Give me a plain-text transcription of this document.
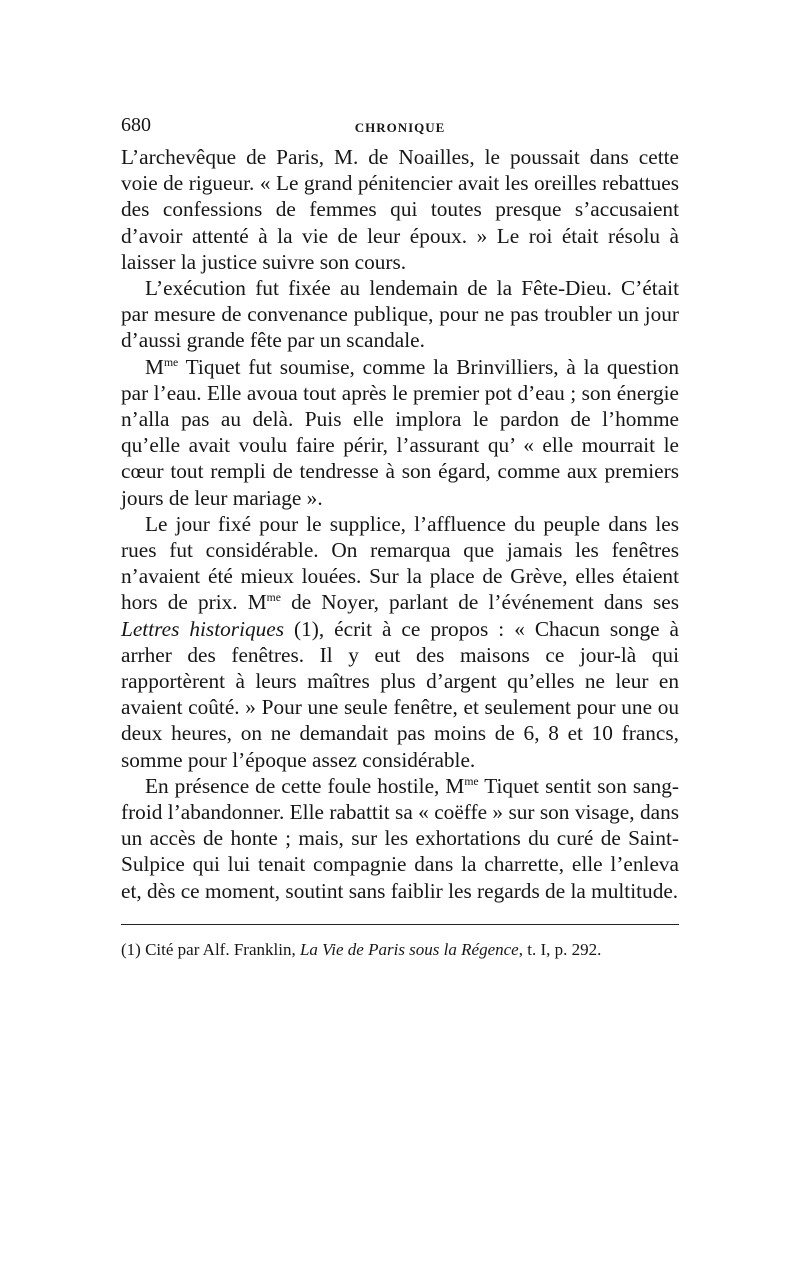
680	CHRONIQUE

L’archevêque de Paris, M. de Noailles, le poussait dans cette voie de rigueur. « Le grand pénitencier avait les oreilles rebattues des confessions de femmes qui toutes presque s’accusaient d’avoir attenté à la vie de leur époux. » Le roi était résolu à laisser la justice suivre son cours.

L’exécution fut fixée au lendemain de la Fête-Dieu. C’était par mesure de convenance publique, pour ne pas troubler un jour d’aussi grande fête par un scandale.

$M^{me}$ Tiquet fut soumise, comme la Brinvilliers, à la question par l’eau. Elle avoua tout après le premier pot d’eau ; son énergie n’alla pas au delà. Puis elle implora le pardon de l’homme qu’elle avait voulu faire périr, l’assurant qu’ « elle mourrait le cœur tout rempli de tendresse à son égard, comme aux premiers jours de leur mariage ».

Le jour fixé pour le supplice, l’affluence du peuple dans les rues fut considérable. On remarqua que jamais les fenêtres n’avaient été mieux louées. Sur la place de Grève, elles étaient hors de prix. $M^{me}$ de Noyer, parlant de l’événement dans ses Lettres historiques (1), écrit à ce propos : « Chacun songe à arrher des fenêtres. Il y eut des maisons ce jour-là qui rapportèrent à leurs maîtres plus d’argent qu’elles ne leur en avaient coûté. » Pour une seule fenêtre, et seulement pour une ou deux heures, on ne demandait pas moins de 6, 8 et 10 francs, somme pour l’époque assez considérable.

En présence de cette foule hostile, $M^{me}$ Tiquet sentit son sang-froid l’abandonner. Elle rabattit sa « coëffe » sur son visage, dans un accès de honte ; mais, sur les exhortations du curé de Saint-Sulpice qui lui tenait compagnie dans la charrette, elle l’enleva et, dès ce moment, soutint sans faiblir les regards de la multitude.

(1) Cité par Alf. Franklin, La Vie de Paris sous la Régence, t. I, p. 292.
